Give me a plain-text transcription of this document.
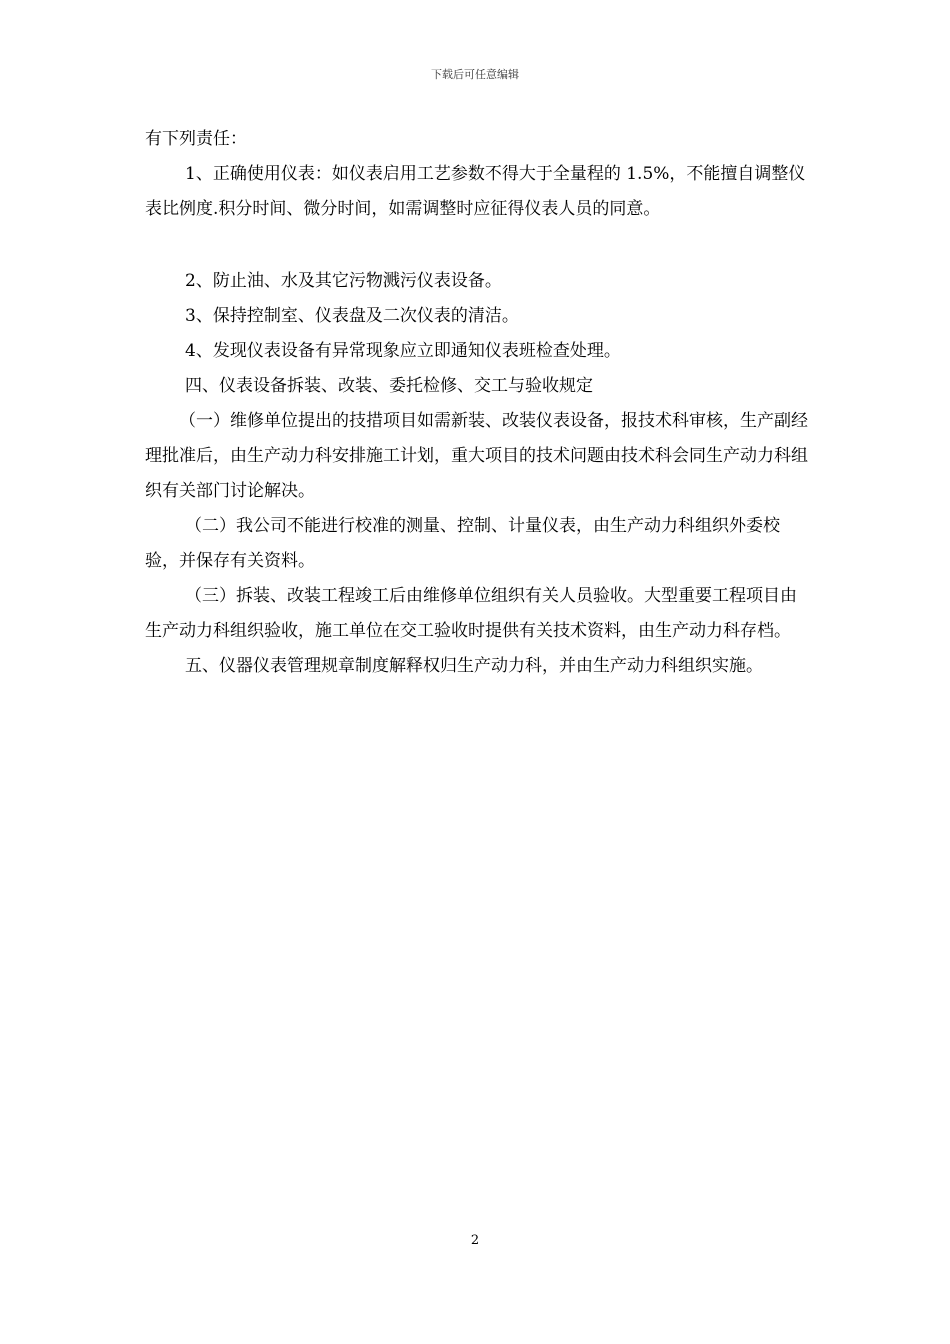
下载后可任意编辑

有下列责任：

1、正确使用仪表：如仪表启用工艺参数不得大于全量程的 1.5%，不能擅自调整仪表比例度.积分时间、微分时间，如需调整时应征得仪表人员的同意。

2、防止油、水及其它污物溅污仪表设备。

3、保持控制室、仪表盘及二次仪表的清洁。

4、发现仪表设备有异常现象应立即通知仪表班检查处理。

四、仪表设备拆装、改装、委托检修、交工与验收规定

（一）维修单位提出的技措项目如需新装、改装仪表设备，报技术科审核，生产副经理批准后，由生产动力科安排施工计划，重大项目的技术问题由技术科会同生产动力科组织有关部门讨论解决。

（二）我公司不能进行校准的测量、控制、计量仪表，由生产动力科组织外委校验，并保存有关资料。

（三）拆装、改装工程竣工后由维修单位组织有关人员验收。大型重要工程项目由生产动力科组织验收，施工单位在交工验收时提供有关技术资料，由生产动力科存档。

五、仪器仪表管理规章制度解释权归生产动力科，并由生产动力科组织实施。

2
